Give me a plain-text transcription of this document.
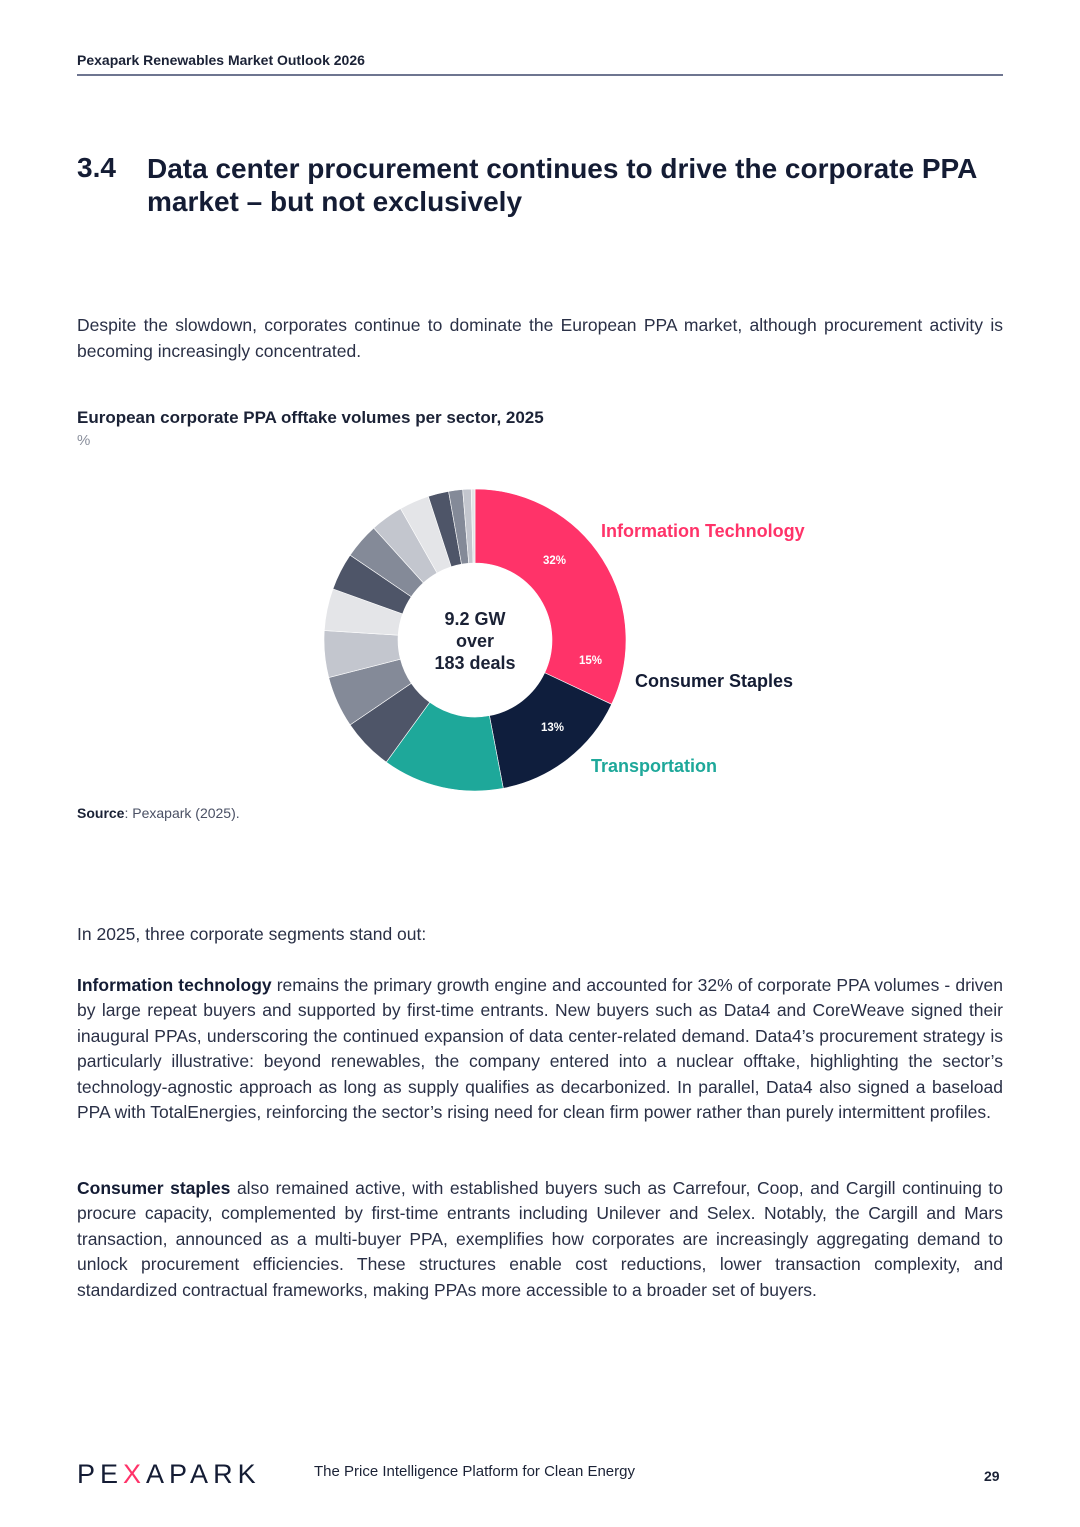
Pexapark Renewables Market Outlook 2026
3.4 Data center procurement continues to drive the corporate PPA market – but not exclusively
Despite the slowdown, corporates continue to dominate the European PPA market, although procurement activity is becoming increasingly concentrated.
European corporate PPA offtake volumes per sector, 2025
%
9.2 GW
over
183 deals
32%
15%
13%
Information Technology
Consumer Staples
Transportation
Source: Pexapark (2025).
In 2025, three corporate segments stand out:
Information technology remains the primary growth engine and accounted for 32% of corporate PPA volumes - driven by large repeat buyers and supported by first-time entrants. New buyers such as Data4 and CoreWeave signed their inaugural PPAs, underscoring the continued expansion of data center-related demand. Data4’s procurement strategy is particularly illustrative: beyond renewables, the company entered into a nuclear offtake, highlighting the sector’s technology-agnostic approach as long as supply qualifies as decarbonized. In parallel, Data4 also signed a baseload PPA with TotalEnergies, reinforcing the sector’s rising need for clean firm power rather than purely intermittent profiles.
Consumer staples also remained active, with established buyers such as Carrefour, Coop, and Cargill continuing to procure capacity, complemented by first-time entrants including Unilever and Selex. Notably, the Cargill and Mars transaction, announced as a multi-buyer PPA, exemplifies how corporates are increasingly aggregating demand to unlock procurement efficiencies. These structures enable cost reductions, lower transaction complexity, and standardized contractual frameworks, making PPAs more accessible to a broader set of buyers.
PEXAPARK	The Price Intelligence Platform for Clean Energy	29
